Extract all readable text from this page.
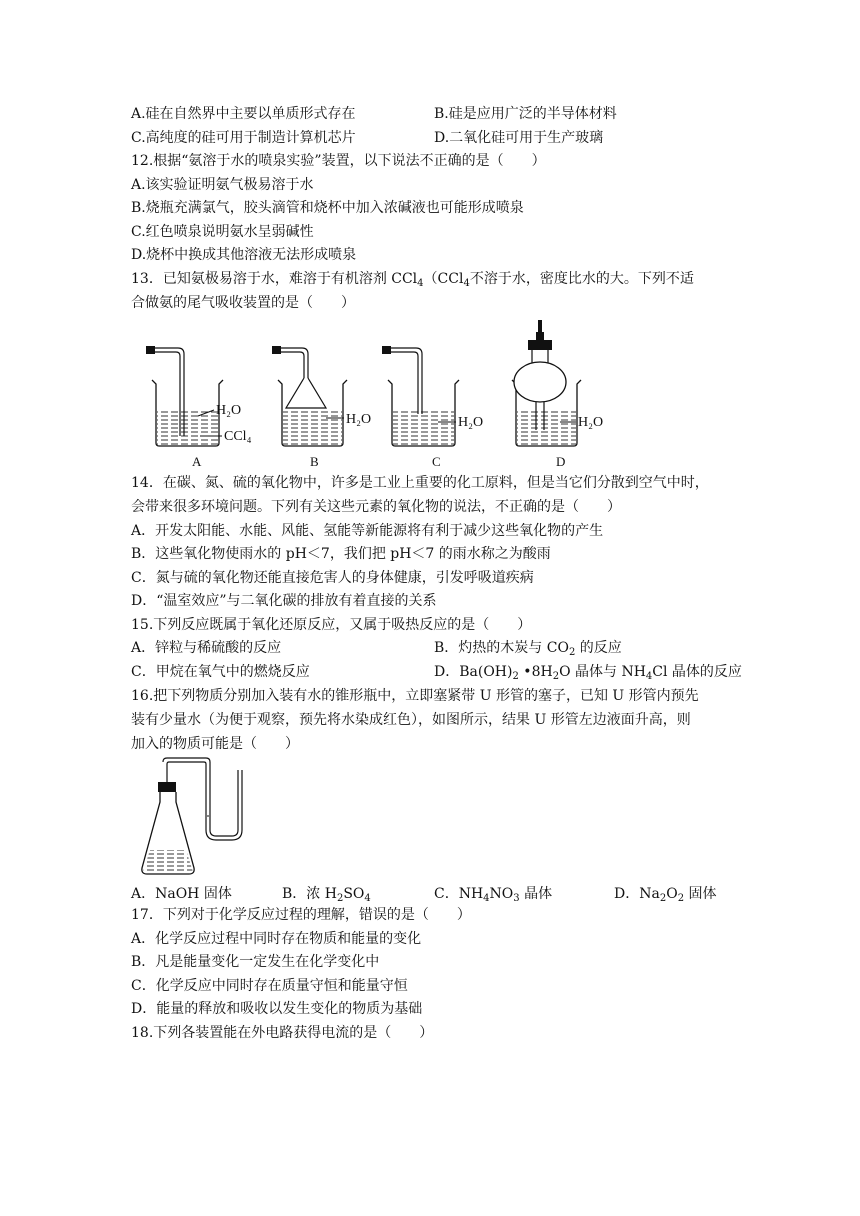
A.硅在自然界中主要以单质形式存在	B.硅是应用广泛的半导体材料
C.高纯度的硅可用于制造计算机芯片	D.二氧化硅可用于生产玻璃
12.根据“氨溶于水的喷泉实验”装置，以下说法不正确的是（　　）
A.该实验证明氨气极易溶于水
B.烧瓶充满氯气，胶头滴管和烧杯中加入浓碱液也可能形成喷泉
C.红色喷泉说明氨水呈弱碱性
D.烧杯中换成其他溶液无法形成喷泉
13．已知氨极易溶于水，难溶于有机溶剂 CCl$_4$（CCl$_4$不溶于水，密度比水的大。下列不适
合做氨的尾气吸收装置的是（　　）
H₂O
CCl₄
A
H₂O
B
H₂O
C
H₂O
D
14．在碳、氮、硫的氧化物中，许多是工业上重要的化工原料，但是当它们分散到空气中时，
会带来很多环境问题。下列有关这些元素的氧化物的说法，不正确的是（　　）
A．开发太阳能、水能、风能、氢能等新能源将有利于减少这些氧化物的产生
B．这些氧化物使雨水的 pH＜7，我们把 pH＜7 的雨水称之为酸雨
C．氮与硫的氧化物还能直接危害人的身体健康，引发呼吸道疾病
D．“温室效应”与二氧化碳的排放有着直接的关系
15.下列反应既属于氧化还原反应，又属于吸热反应的是（　　）
A．锌粒与稀硫酸的反应	B．灼热的木炭与 $CO_2$ 的反应
C．甲烷在氧气中的燃烧反应	D．$Ba(OH)_2$ $•8H_2O$ 晶体与 $NH_4Cl$ 晶体的反应
16.把下列物质分别加入装有水的锥形瓶中，立即塞紧带 U 形管的塞子，已知 U 形管内预先
装有少量水（为便于观察，预先将水染成红色），如图所示，结果 U 形管左边液面升高，则
加入的物质可能是（　　）
A．NaOH 固体	B．浓 $H_2SO_4$	C．$NH_4NO_3$ 晶体	D．$Na_2O_2$ 固体
17．下列对于化学反应过程的理解，错误的是（　　）
A．化学反应过程中同时存在物质和能量的变化
B．凡是能量变化一定发生在化学变化中
C．化学反应中同时存在质量守恒和能量守恒
D．能量的释放和吸收以发生变化的物质为基础
18.下列各装置能在外电路获得电流的是（　　）
